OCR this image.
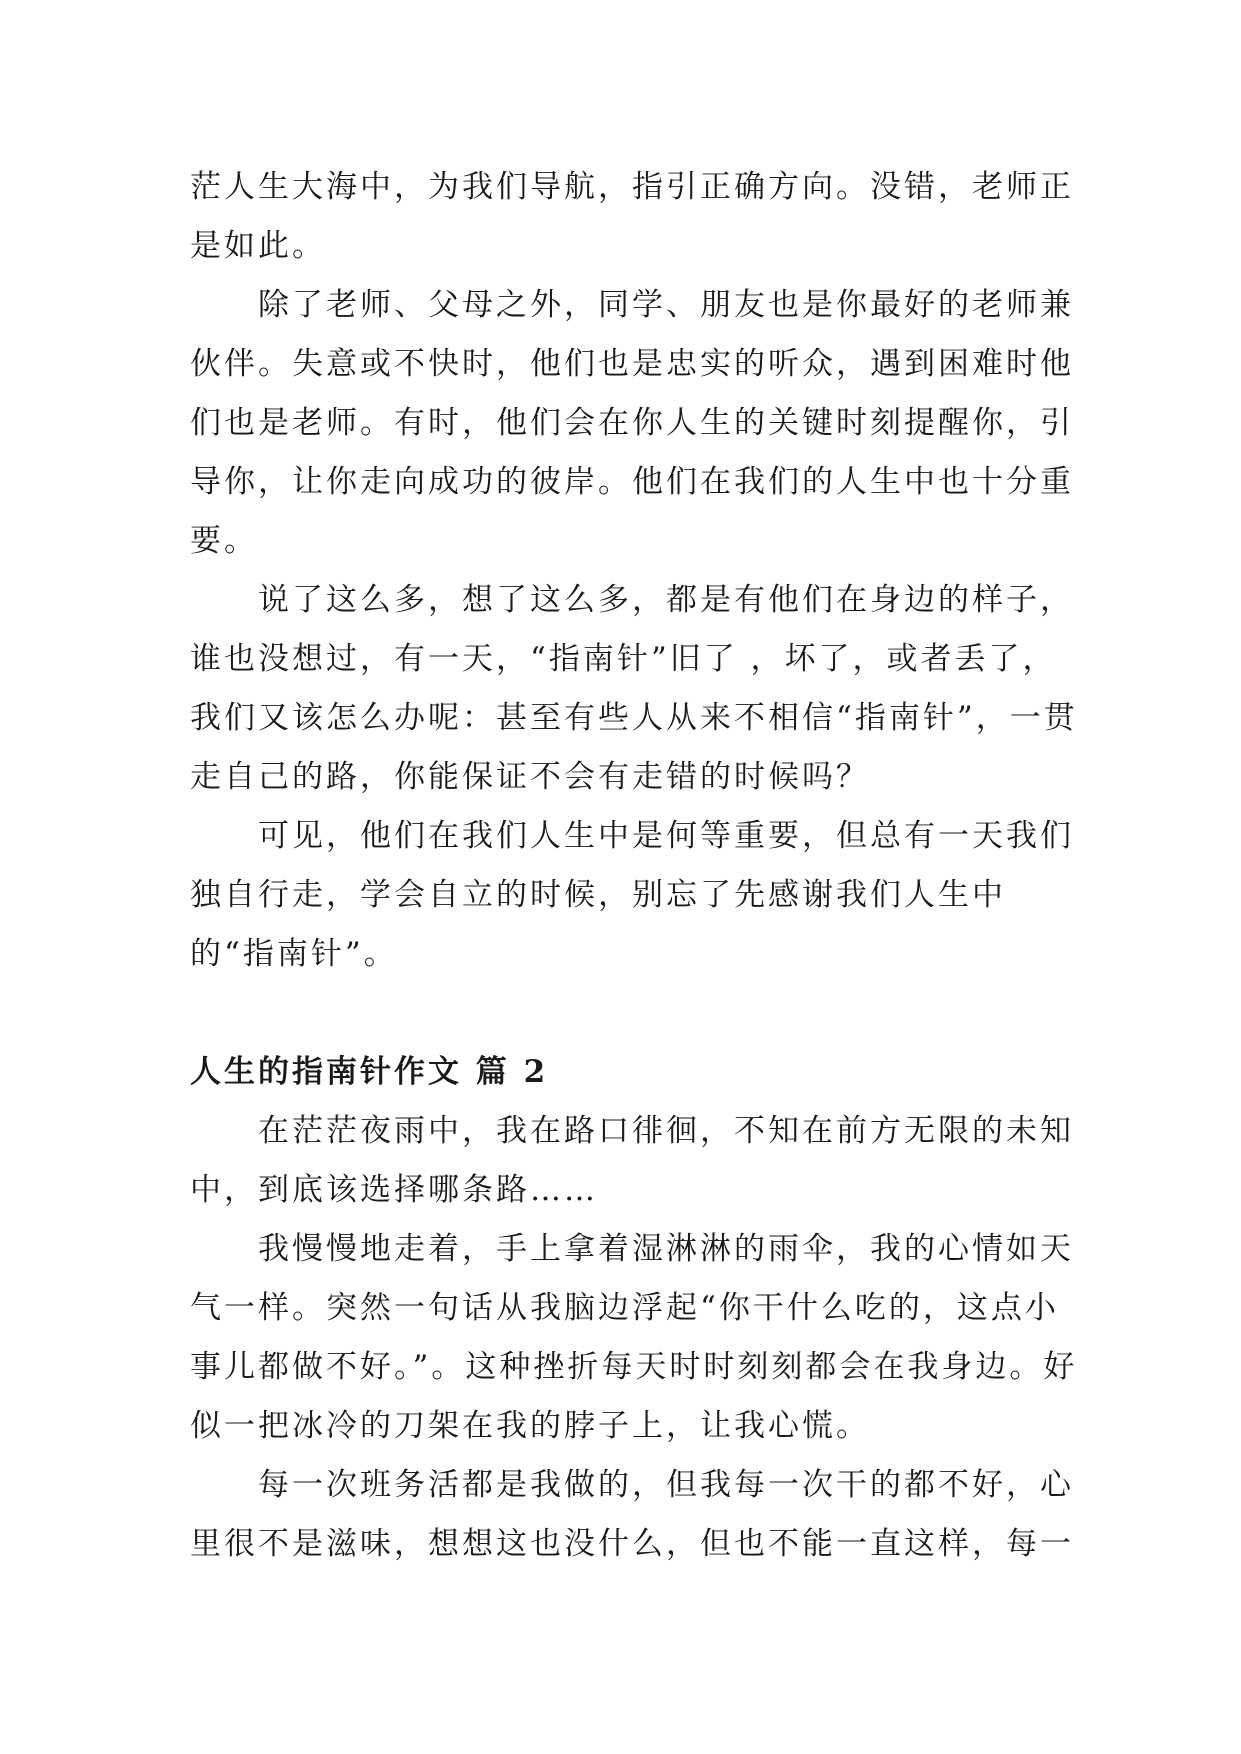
茫人生大海中，为我们导航，指引正确方向。没错，老师正是如此。

除了老师、父母之外，同学、朋友也是你最好的老师兼伙伴。失意或不快时，他们也是忠实的听众，遇到困难时他们也是老师。有时，他们会在你人生的关键时刻提醒你，引导你，让你走向成功的彼岸。他们在我们的人生中也十分重要。

说了这么多，想了这么多，都是有他们在身边的样子，谁也没想过，有一天，“指南针”旧了 ，坏了，或者丢了，我们又该怎么办呢：甚至有些人从来不相信“指南针”，一贯走自己的路，你能保证不会有走错的时候吗？

可见，他们在我们人生中是何等重要，但总有一天我们独自行走，学会自立的时候，别忘了先感谢我们人生中的“指南针”。

人生的指南针作文 篇 2

在茫茫夜雨中，我在路口徘徊，不知在前方无限的未知中，到底该选择哪条路……

我慢慢地走着，手上拿着湿淋淋的雨伞，我的心情如天气一样。突然一句话从我脑边浮起“你干什么吃的，这点小事儿都做不好。”。这种挫折每天时时刻刻都会在我身边。好似一把冰冷的刀架在我的脖子上，让我心慌。

每一次班务活都是我做的，但我每一次干的都不好，心里很不是滋味，想想这也没什么，但也不能一直这样，每一
